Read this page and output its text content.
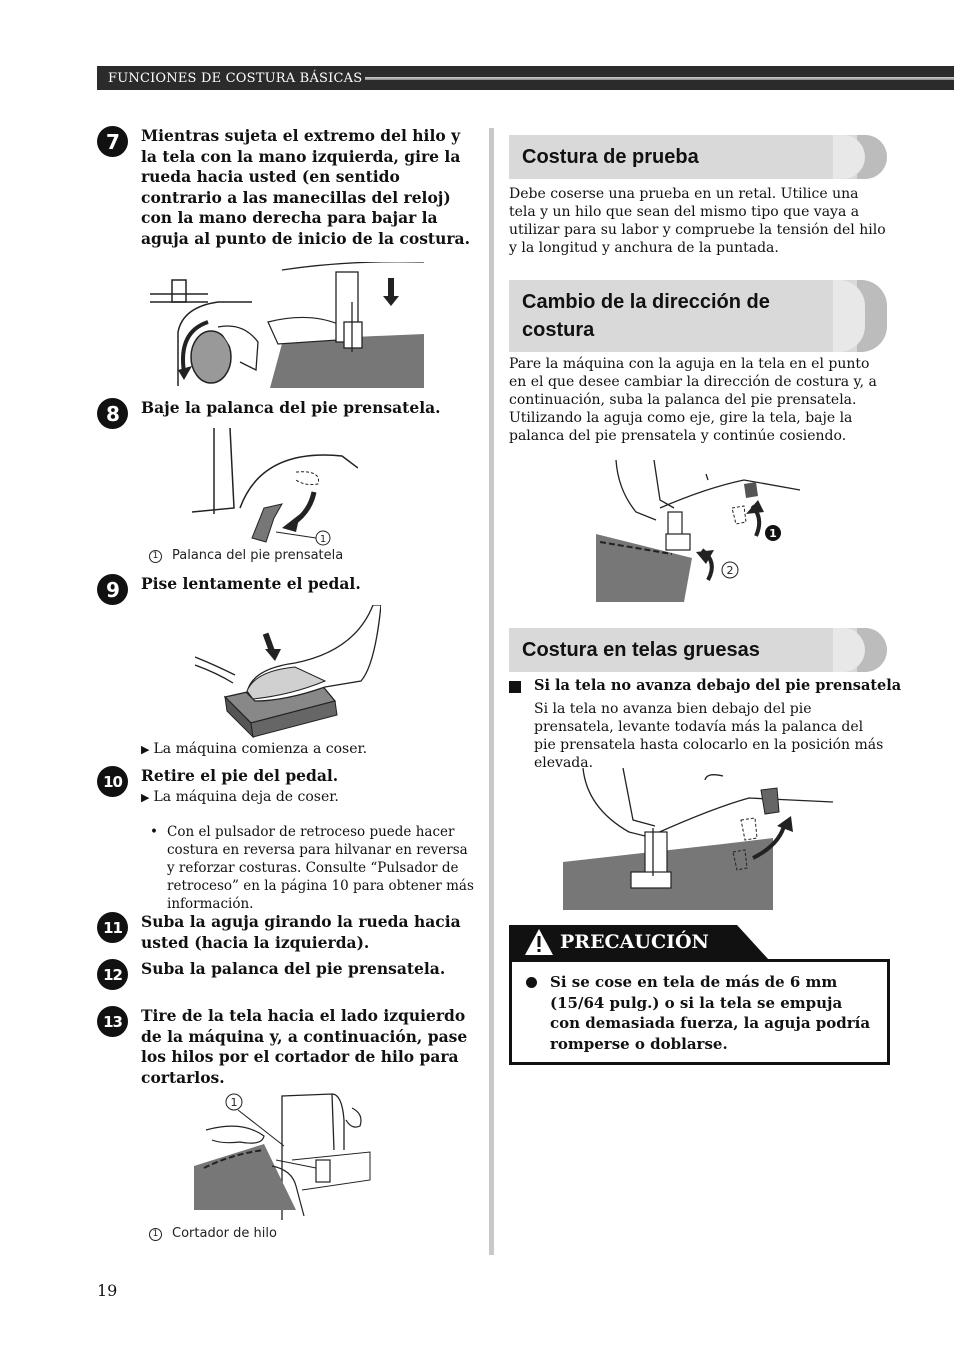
FUNCIONES DE COSTURA BÁSICAS
7	Mientras sujeta el extremo del hilo y la tela con la mano izquierda, gire la rueda hacia usted (en sentido contrario a las manecillas del reloj) con la mano derecha para bajar la aguja al punto de inicio de la costura.
8	Baje la palanca del pie prensatela.
1
1 Palanca del pie prensatela
9	Pise lentamente el pedal.
▶ La máquina comienza a coser.
10	Retire el pie del pedal.
▶ La máquina deja de coser.
• Con el pulsador de retroceso puede hacer costura en reversa para hilvanar en reversa y reforzar costuras. Consulte “Pulsador de retroceso” en la página 10 para obtener más información.
11	Suba la aguja girando la rueda hacia usted (hacia la izquierda).
12	Suba la palanca del pie prensatela.
13	Tire de la tela hacia el lado izquierdo de la máquina y, a continuación, pase los hilos por el cortador de hilo para cortarlos.
1
1 Cortador de hilo
Costura de prueba
Debe coserse una prueba en un retal. Utilice una tela y un hilo que sean del mismo tipo que vaya a utilizar para su labor y compruebe la tensión del hilo y la longitud y anchura de la puntada.
Cambio de la dirección de costura
Pare la máquina con la aguja en la tela en el punto en el que desee cambiar la dirección de costura y, a continuación, suba la palanca del pie prensatela. Utilizando la aguja como eje, gire la tela, baje la palanca del pie prensatela y continúe cosiendo.
1
2
Costura en telas gruesas
Si la tela no avanza debajo del pie prensatela
Si la tela no avanza bien debajo del pie prensatela, levante todavía más la palanca del pie prensatela hasta colocarlo en la posición más elevada.
PRECAUCIÓN
Si se cose en tela de más de 6 mm (15/64 pulg.) o si la tela se empuja con demasiada fuerza, la aguja podría romperse o doblarse.
19
